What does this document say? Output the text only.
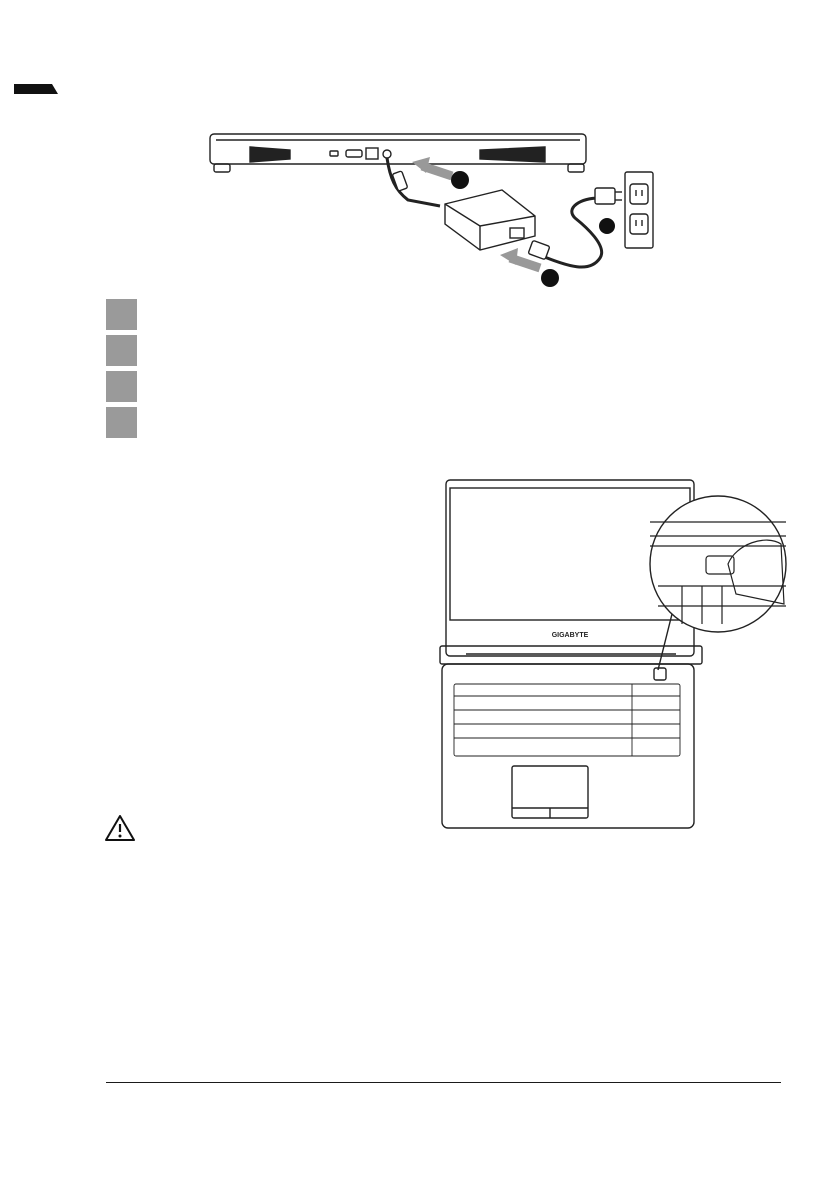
GIGABYTE
